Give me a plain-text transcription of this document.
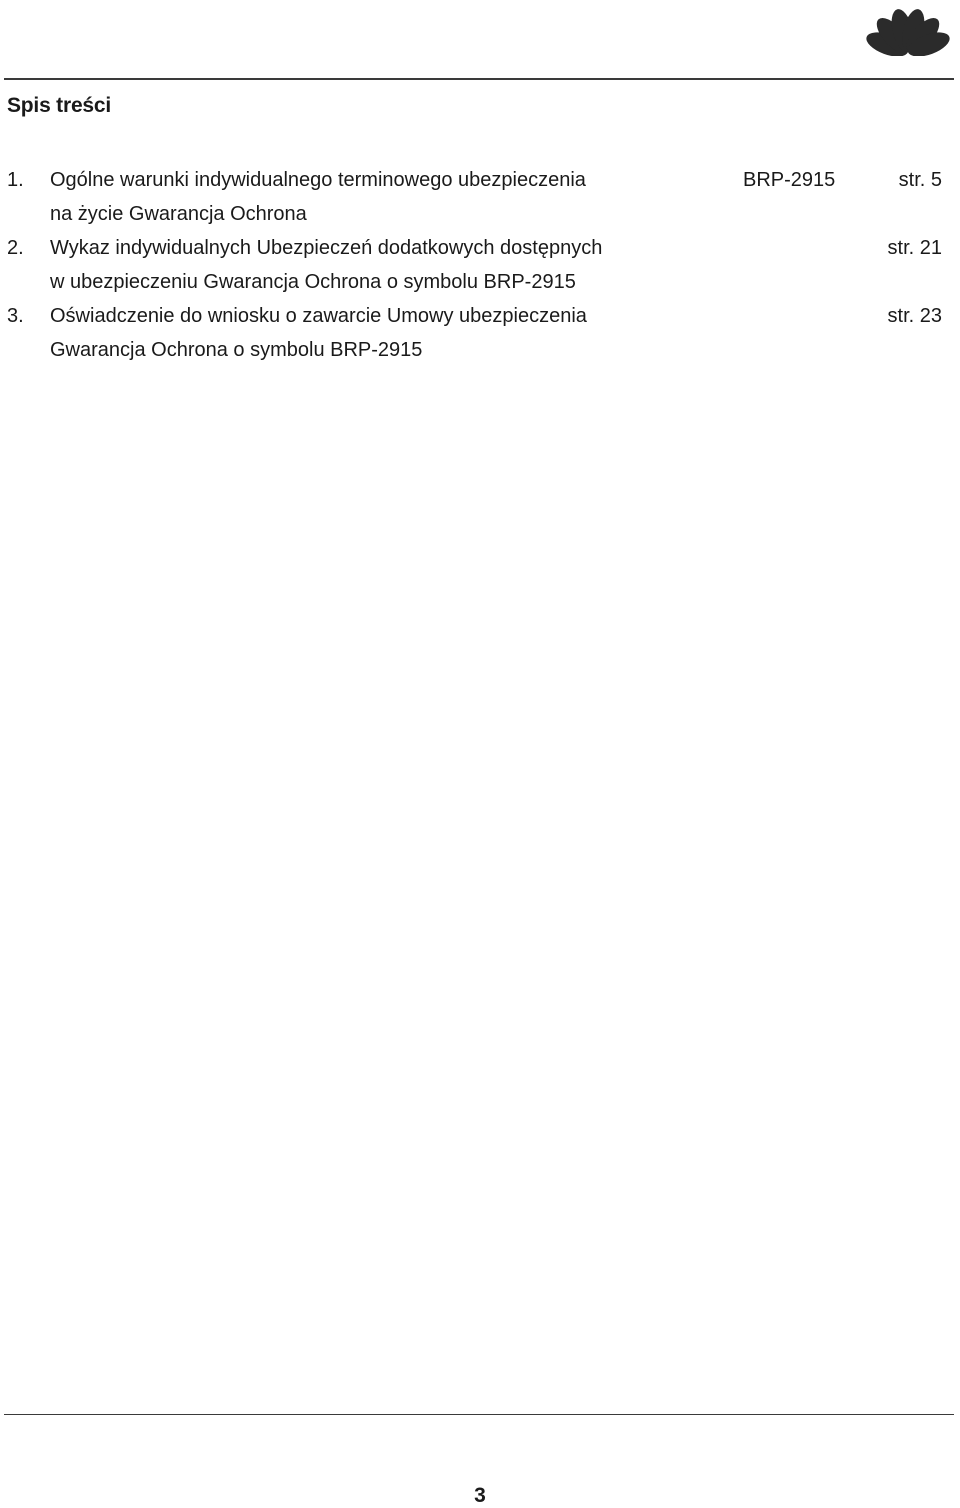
Spis treści
1. Ogólne warunki indywidualnego terminowego ubezpieczenia
na życie Gwarancja Ochrona
BRP-2915	str. 5
2. Wykaz indywidualnych Ubezpieczeń dodatkowych dostępnych
w ubezpieczeniu Gwarancja Ochrona o symbolu BRP-2915
str. 21
3. Oświadczenie do wniosku o zawarcie Umowy ubezpieczenia
Gwarancja Ochrona o symbolu BRP-2915
str. 23
3
